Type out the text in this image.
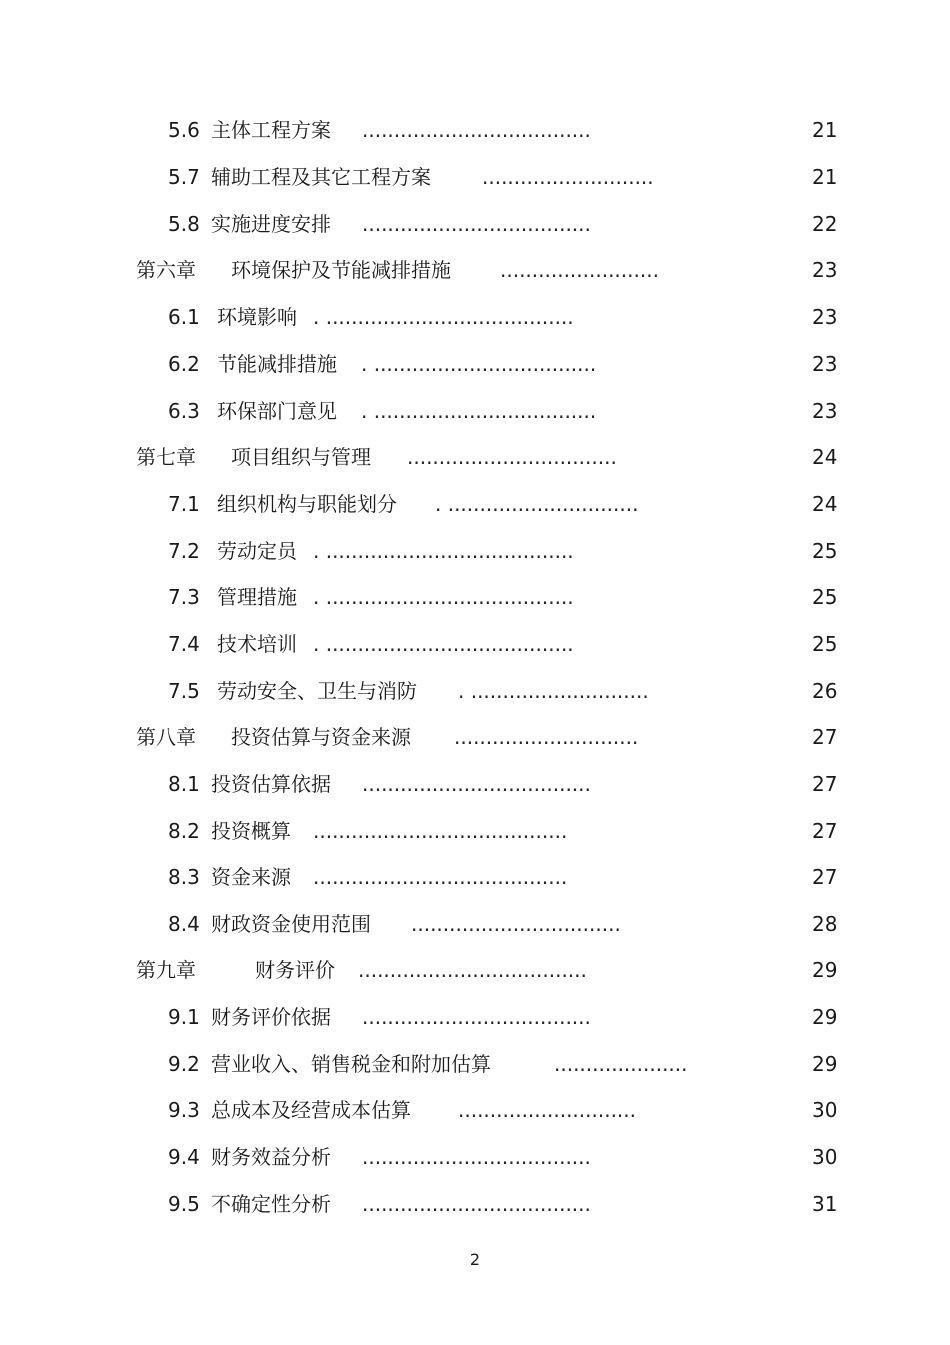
5.6 主体工程方案 ....................................	21
5.7 辅助工程及其它工程方案	...........................	21
5.8 实施进度安排 ....................................	22
第六章 环境保护及节能减排措施 .........................	23
6.1 环境影响 . .......................................	23
6.2 节能减排措施 . ...................................	23
6.3 环保部门意见 . ...................................	23
第七章 项目组织与管理 .................................	24
7.1 组织机构与职能划分 . ..............................	24
7.2 劳动定员 . .......................................	25
7.3 管理措施 . .......................................	25
7.4 技术培训 . .......................................	25
7.5 劳动安全、卫生与消防 . ............................	26
第八章 投资估算与资金来源 .............................	27
8.1 投资估算依据 ....................................	27
8.2 投资概算 ........................................	27
8.3 资金来源 ........................................	27
8.4 财政资金使用范围 .................................	28
第九章	财务评价 ....................................	29
9.1 财务评价依据 ....................................	29
9.2 营业收入、销售税金和附加估算	.....................	29
9.3 总成本及经营成本估算 ............................	30
9.4 财务效益分析 ....................................	30
9.5 不确定性分析 ....................................	31
2
